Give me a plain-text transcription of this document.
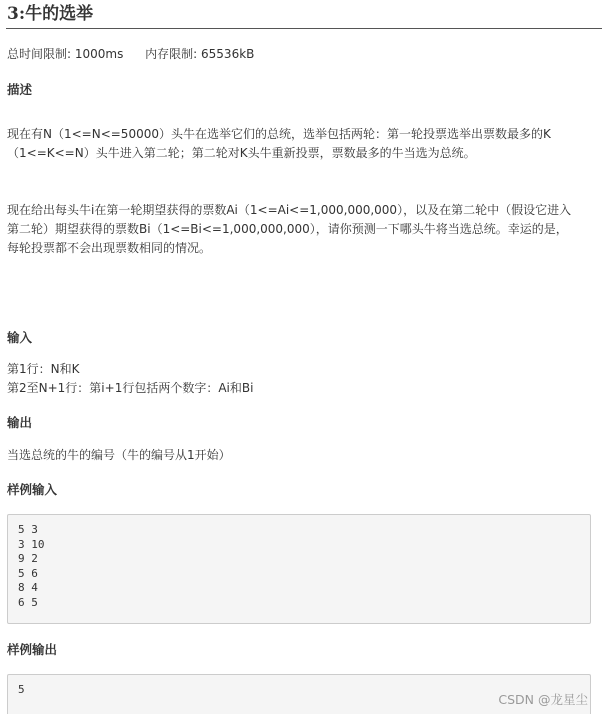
3:牛的选举
总时间限制: 1000ms 内存限制: 65536kB
描述
现在有N（1<=N<=50000）头牛在选举它们的总统，选举包括两轮：第一轮投票选举出票数最多的K
（1<=K<=N）头牛进入第二轮；第二轮对K头牛重新投票，票数最多的牛当选为总统。
现在给出每头牛i在第一轮期望获得的票数Ai（1<=Ai<=1,000,000,000），以及在第二轮中（假设它进入
第二轮）期望获得的票数Bi（1<=Bi<=1,000,000,000），请你预测一下哪头牛将当选总统。幸运的是，
每轮投票都不会出现票数相同的情况。
输入
第1行：N和K
第2至N+1行：第i+1行包括两个数字：Ai和Bi
输出
当选总统的牛的编号（牛的编号从1开始）
样例输入
5 3
3 10
9 2
5 6
8 4
6 5
样例输出
5
CSDN @龙星尘
